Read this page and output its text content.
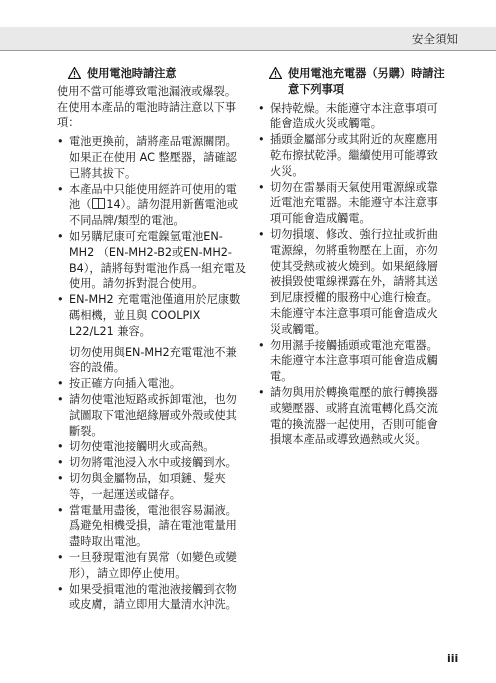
安全須知
使用電池時請注意

使用不當可能導致電池漏液或爆裂。在使用本產品的電池時請注意以下事項：

• 電池更換前，請將產品電源關閉。如果正在使用 AC 整壓器，請確認已將其拔下。
• 本產品中只能使用經許可使用的電池（ 14）。請勿混用新舊電池或不同品牌/類型的電池。
• 如另購尼康可充電鎳氫電池EN-MH2 （EN-MH2-B2或EN-MH2-B4），請將每對電池作爲一組充電及使用。請勿拆對混合使用。
• EN-MH2 充電電池僅適用於尼康數碼相機，並且與 COOLPIX L22/L21 兼容。
切勿使用與EN-MH2充電電池不兼容的設備。
• 按正確方向插入電池。
• 請勿使電池短路或拆卸電池，也勿試圖取下電池絕緣層或外殼或使其斷裂。
• 切勿使電池接觸明火或高熱。
• 切勿將電池浸入水中或接觸到水。
• 切勿與金屬物品，如項鏈、髮夾等，一起運送或儲存。
• 當電量用盡後，電池很容易漏液。爲避免相機受損，請在電池電量用盡時取出電池。
• 一旦發現電池有異常（如變色或變形），請立即停止使用。
• 如果受損電池的電池液接觸到衣物或皮膚，請立即用大量清水沖洗。
使用電池充電器（另購）時請注意下列事項
• 保持乾燥。未能遵守本注意事項可能會造成火災或觸電。
• 插頭金屬部分或其附近的灰塵應用乾布擦拭乾淨。繼續使用可能導致火災。
• 切勿在雷暴雨天氣使用電源線或靠近電池充電器。未能遵守本注意事項可能會造成觸電。
• 切勿損壞、修改、強行拉扯或折曲電源線，勿將重物壓在上面，亦勿使其受熱或被火燒到。如果絕緣層被損毀使電線裸露在外，請將其送到尼康授權的服務中心進行檢查。未能遵守本注意事項可能會造成火災或觸電。
• 勿用濕手接觸插頭或電池充電器。未能遵守本注意事項可能會造成觸電。
• 請勿與用於轉換電壓的旅行轉換器或變壓器、或將直流電轉化爲交流電的換流器一起使用，否則可能會損壞本產品或導致過熱或火災。
iii
